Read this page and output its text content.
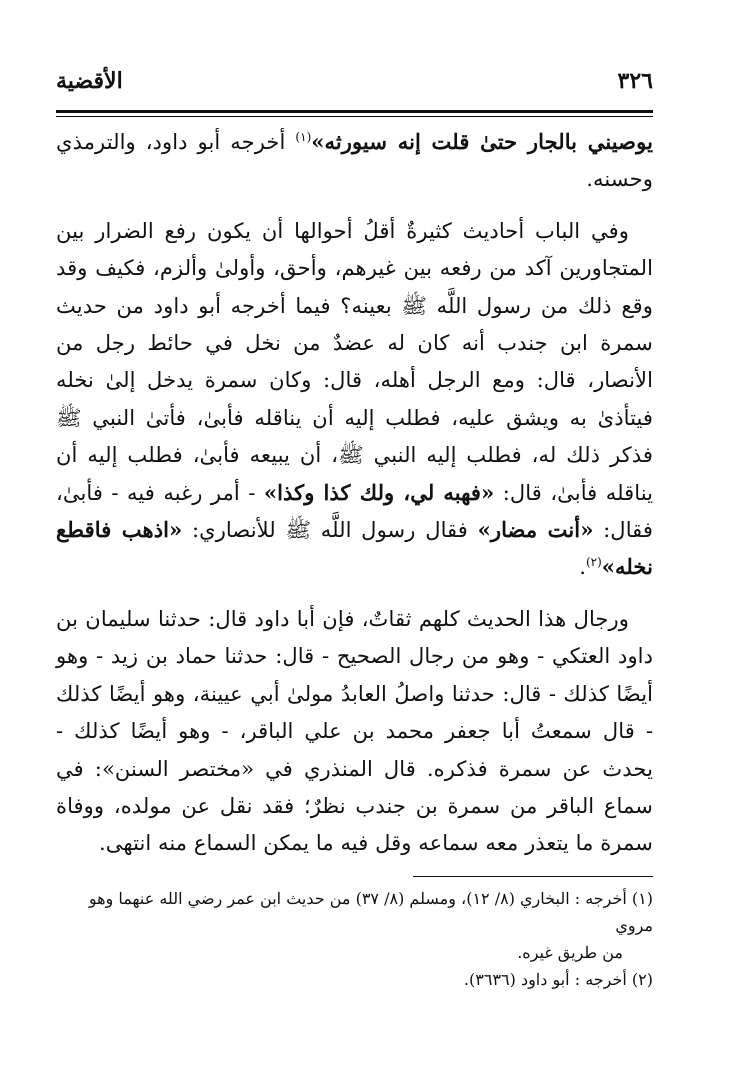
٣٢٦
الأقضية

يوصيني بالجار حتىٰ قلت إنه سيورثه»$^{(١)}$ أخرجه أبو داود، والترمذي وحسنه.

وفي الباب أحاديث كثيرةٌ أقلُ أحوالها أن يكون رفع الضرار بين المتجاورين آكد من رفعه بين غيرهم، وأحق، وأولىٰ وألزم، فكيف وقد وقع ذلك من رسول اللَّه ﷺ بعينه؟ فيما أخرجه أبو داود من حديث سمرة ابن جندب أنه كان له عضدٌ من نخل في حائط رجل من الأنصار، قال: ومع الرجل أهله، قال: وكان سمرة يدخل إلىٰ نخله فيتأذىٰ به ويشق عليه، فطلب إليه أن يناقله فأبىٰ، فأتىٰ النبي ﷺ فذكر ذلك له، فطلب إليه النبي ﷺ، أن يبيعه فأبىٰ، فطلب إليه أن يناقله فأبىٰ، قال: «فهبه لي، ولك كذا وكذا» - أمر رغبه فيه - فأبىٰ، فقال: «أنت مضار» فقال رسول اللَّه ﷺ للأنصاري: «اذهب فاقطع نخله»$^{(٢)}$.

ورجال هذا الحديث كلهم ثقاتٌ، فإن أبا داود قال: حدثنا سليمان بن داود العتكي - وهو من رجال الصحيح - قال: حدثنا حماد بن زيد - وهو أيضًا كذلك - قال: حدثنا واصلُ العابدُ مولىٰ أبي عيينة، وهو أيضًا كذلك - قال سمعتُ أبا جعفر محمد بن علي الباقر، - وهو أيضًا كذلك - يحدث عن سمرة فذكره. قال المنذري في «مختصر السنن»: في سماع الباقر من سمرة بن جندب نظرٌ؛ فقد نقل عن مولده، ووفاة سمرة ما يتعذر معه سماعه وقل فيه ما يمكن السماع منه انتهى.

(١) أخرجه : البخاري (٨/ ١٢)، ومسلم (٨/ ٣٧) من حديث ابن عمر رضي الله عنهما وهو مروي

من طريق غيره.

(٢) أخرجه : أبو داود (٣٦٣٦).
